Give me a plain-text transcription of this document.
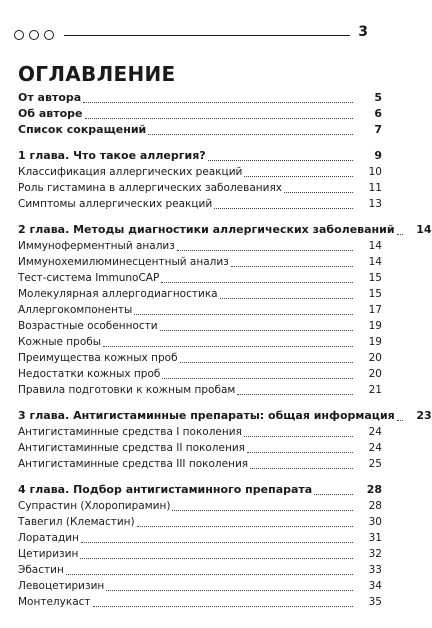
3
ОГЛАВЛЕНИЕ
От автора	5
Об авторе	6
Список сокращений	7
1 глава. Что такое аллергия?	9
Классификация аллергических реакций	10
Роль гистамина в аллергических заболеваниях	11
Симптомы аллергических реакций	13
2 глава. Методы диагностики аллергических заболеваний	14
Иммуноферментный анализ	14
Иммунохемилюминесцентный анализ	14
Тест-система ImmunoCAP	15
Молекулярная аллергодиагностика	15
Аллергокомпоненты	17
Возрастные особенности	19
Кожные пробы	19
Преимущества кожных проб	20
Недостатки кожных проб	20
Правила подготовки к кожным пробам	21
3 глава. Антигистаминные препараты: общая информация	23
Антигистаминные средства I поколения	24
Антигистаминные средства II поколения	24
Антигистаминные средства III поколения	25
4 глава. Подбор антигистаминного препарата	28
Супрастин (Хлоропирамин)	28
Тавегил (Клемастин)	30
Лоратадин	31
Цетиризин	32
Эбастин	33
Левоцетиризин	34
Монтелукаст	35
